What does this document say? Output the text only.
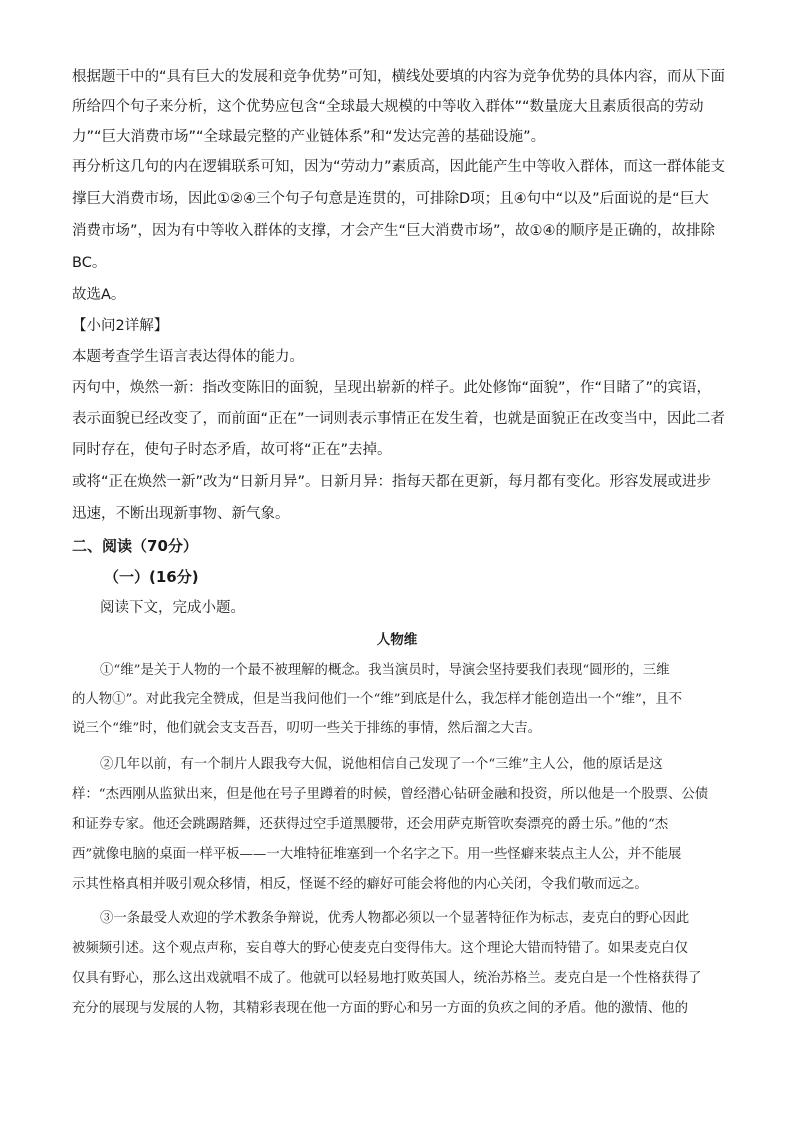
根据题干中的“具有巨大的发展和竞争优势”可知，横线处要填的内容为竞争优势的具体内容，而从下面
所给四个句子来分析，这个优势应包含“全球最大规模的中等收入群体”“数量庞大且素质很高的劳动
力”“巨大消费市场”“全球最完整的产业链体系”和“发达完善的基础设施”。
再分析这几句的内在逻辑联系可知，因为“劳动力”素质高，因此能产生中等收入群体，而这一群体能支
撑巨大消费市场，因此①②④三个句子句意是连贯的，可排除D项；且④句中“以及”后面说的是“巨大
消费市场”，因为有中等收入群体的支撑，才会产生“巨大消费市场”，故①④的顺序是正确的，故排除
BC。
故选A。
【小问2详解】
本题考查学生语言表达得体的能力。
丙句中，焕然一新：指改变陈旧的面貌，呈现出崭新的样子。此处修饰“面貌”，作“目睹了”的宾语，
表示面貌已经改变了，而前面“正在”一词则表示事情正在发生着，也就是面貌正在改变当中，因此二者
同时存在，使句子时态矛盾，故可将“正在”去掉。
或将“正在焕然一新”改为“日新月异”。日新月异：指每天都在更新，每月都有变化。形容发展或进步
迅速，不断出现新事物、新气象。
二、阅读（70分）
（一）(16分)
阅读下文，完成小题。
人物维
①“维”是关于人物的一个最不被理解的概念。我当演员时，导演会坚持要我们表现“圆形的，三维
的人物①”。对此我完全赞成，但是当我问他们一个“维”到底是什么，我怎样才能创造出一个“维”，且不
说三个“维”时，他们就会支支吾吾，叨叨一些关于排练的事情，然后溜之大吉。
②几年以前，有一个制片人跟我夸大侃，说他相信自己发现了一个“三维”主人公，他的原话是这
样：“杰西刚从监狱出来，但是他在号子里蹲着的时候，曾经潜心钻研金融和投资，所以他是一个股票、公债
和证券专家。他还会跳踢踏舞，还获得过空手道黑腰带，还会用萨克斯管吹奏漂亮的爵士乐。”他的“杰
西”就像电脑的桌面一样平板——一大堆特征堆塞到一个名字之下。用一些怪癖来装点主人公，并不能展
示其性格真相并吸引观众移情，相反，怪诞不经的癖好可能会将他的内心关闭，令我们敬而远之。
③一条最受人欢迎的学术教条争辩说，优秀人物都必须以一个显著特征作为标志，麦克白的野心因此
被频频引述。这个观点声称，妄自尊大的野心使麦克白变得伟大。这个理论大错而特错了。如果麦克白仅
仅具有野心，那么这出戏就唱不成了。他就可以轻易地打败英国人，统治苏格兰。麦克白是一个性格获得了
充分的展现与发展的人物，其精彩表现在他一方面的野心和另一方面的负疚之间的矛盾。他的激情、他的
